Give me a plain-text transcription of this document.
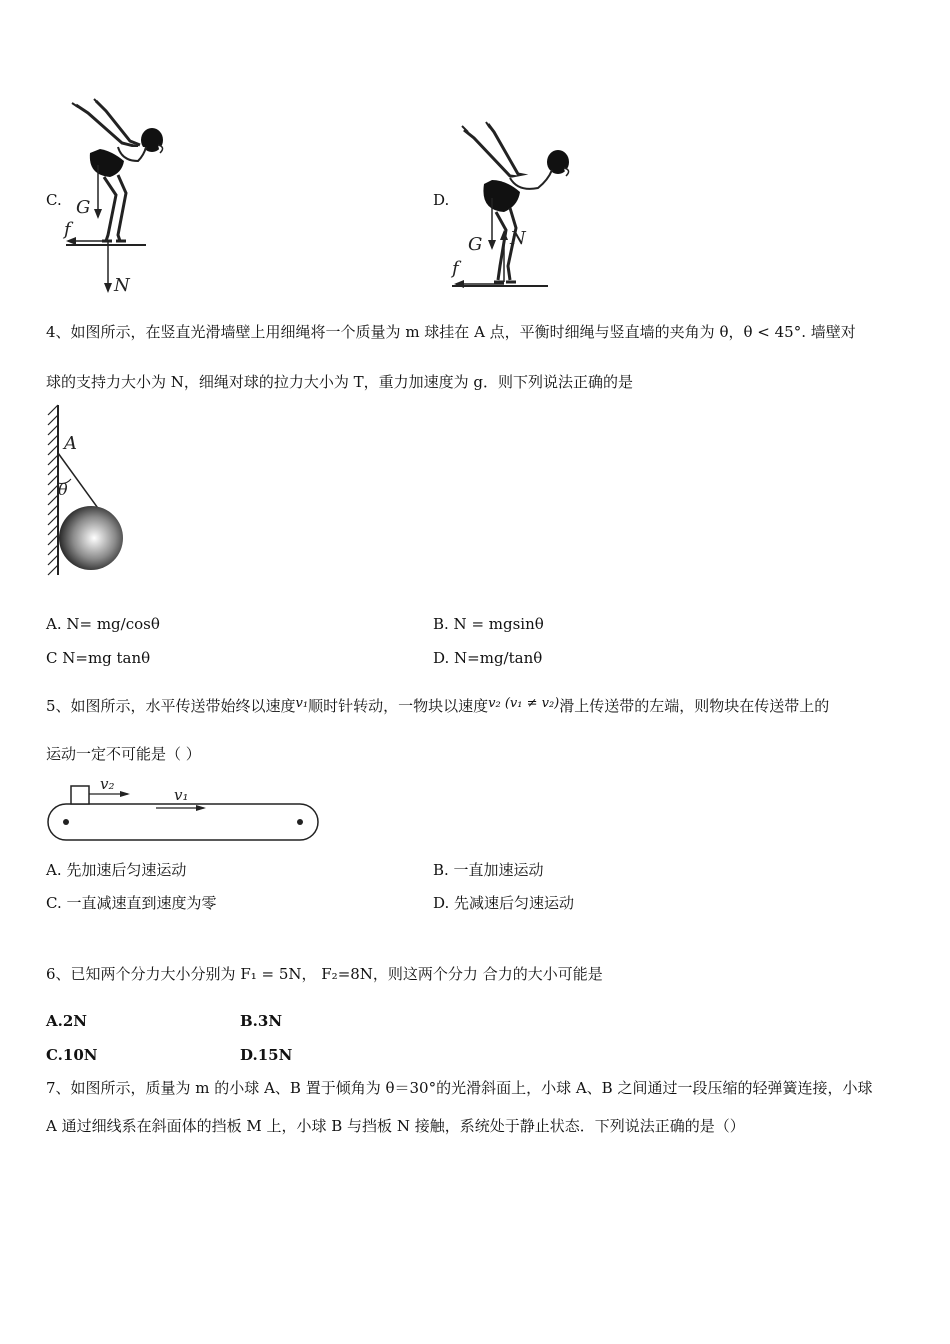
C. G
f
N
D.
G N
f
4、如图所示，在竖直光滑墙壁上用细绳将一个质量为 m 球挂在 A 点，平衡时细绳与竖直墙的夹角为 θ，θ < 45°. 墙壁对
球的支持力大小为 N，细绳对球的拉力大小为 T，重力加速度为 g．则下列说法正确的是
A
θ
A. N= mg/cosθ	B. N = mgsinθ
C N=mg tanθ	D. N=mg/tanθ
5、如图所示，水平传送带始终以速度v₁顺时针转动，一物块以速度v₂ (v₁ ≠ v₂)滑上传送带的左端，则物块在传送带上的
运动一定不可能是（ ）
v₂
v₁
A. 先加速后匀速运动	B. 一直加速运动
C. 一直减速直到速度为零	D. 先减速后匀速运动
6、已知两个分力大小分别为 F₁ = 5N， F₂=8N，则这两个分力 合力的大小可能是
A.2N	B.3N
C.10N	D.15N
7、如图所示，质量为 m 的小球 A、B 置于倾角为 θ＝30°的光滑斜面上，小球 A、B 之间通过一段压缩的轻弹簧连接，小球
A 通过细线系在斜面体的挡板 M 上，小球 B 与挡板 N 接触，系统处于静止状态．下列说法正确的是（）
